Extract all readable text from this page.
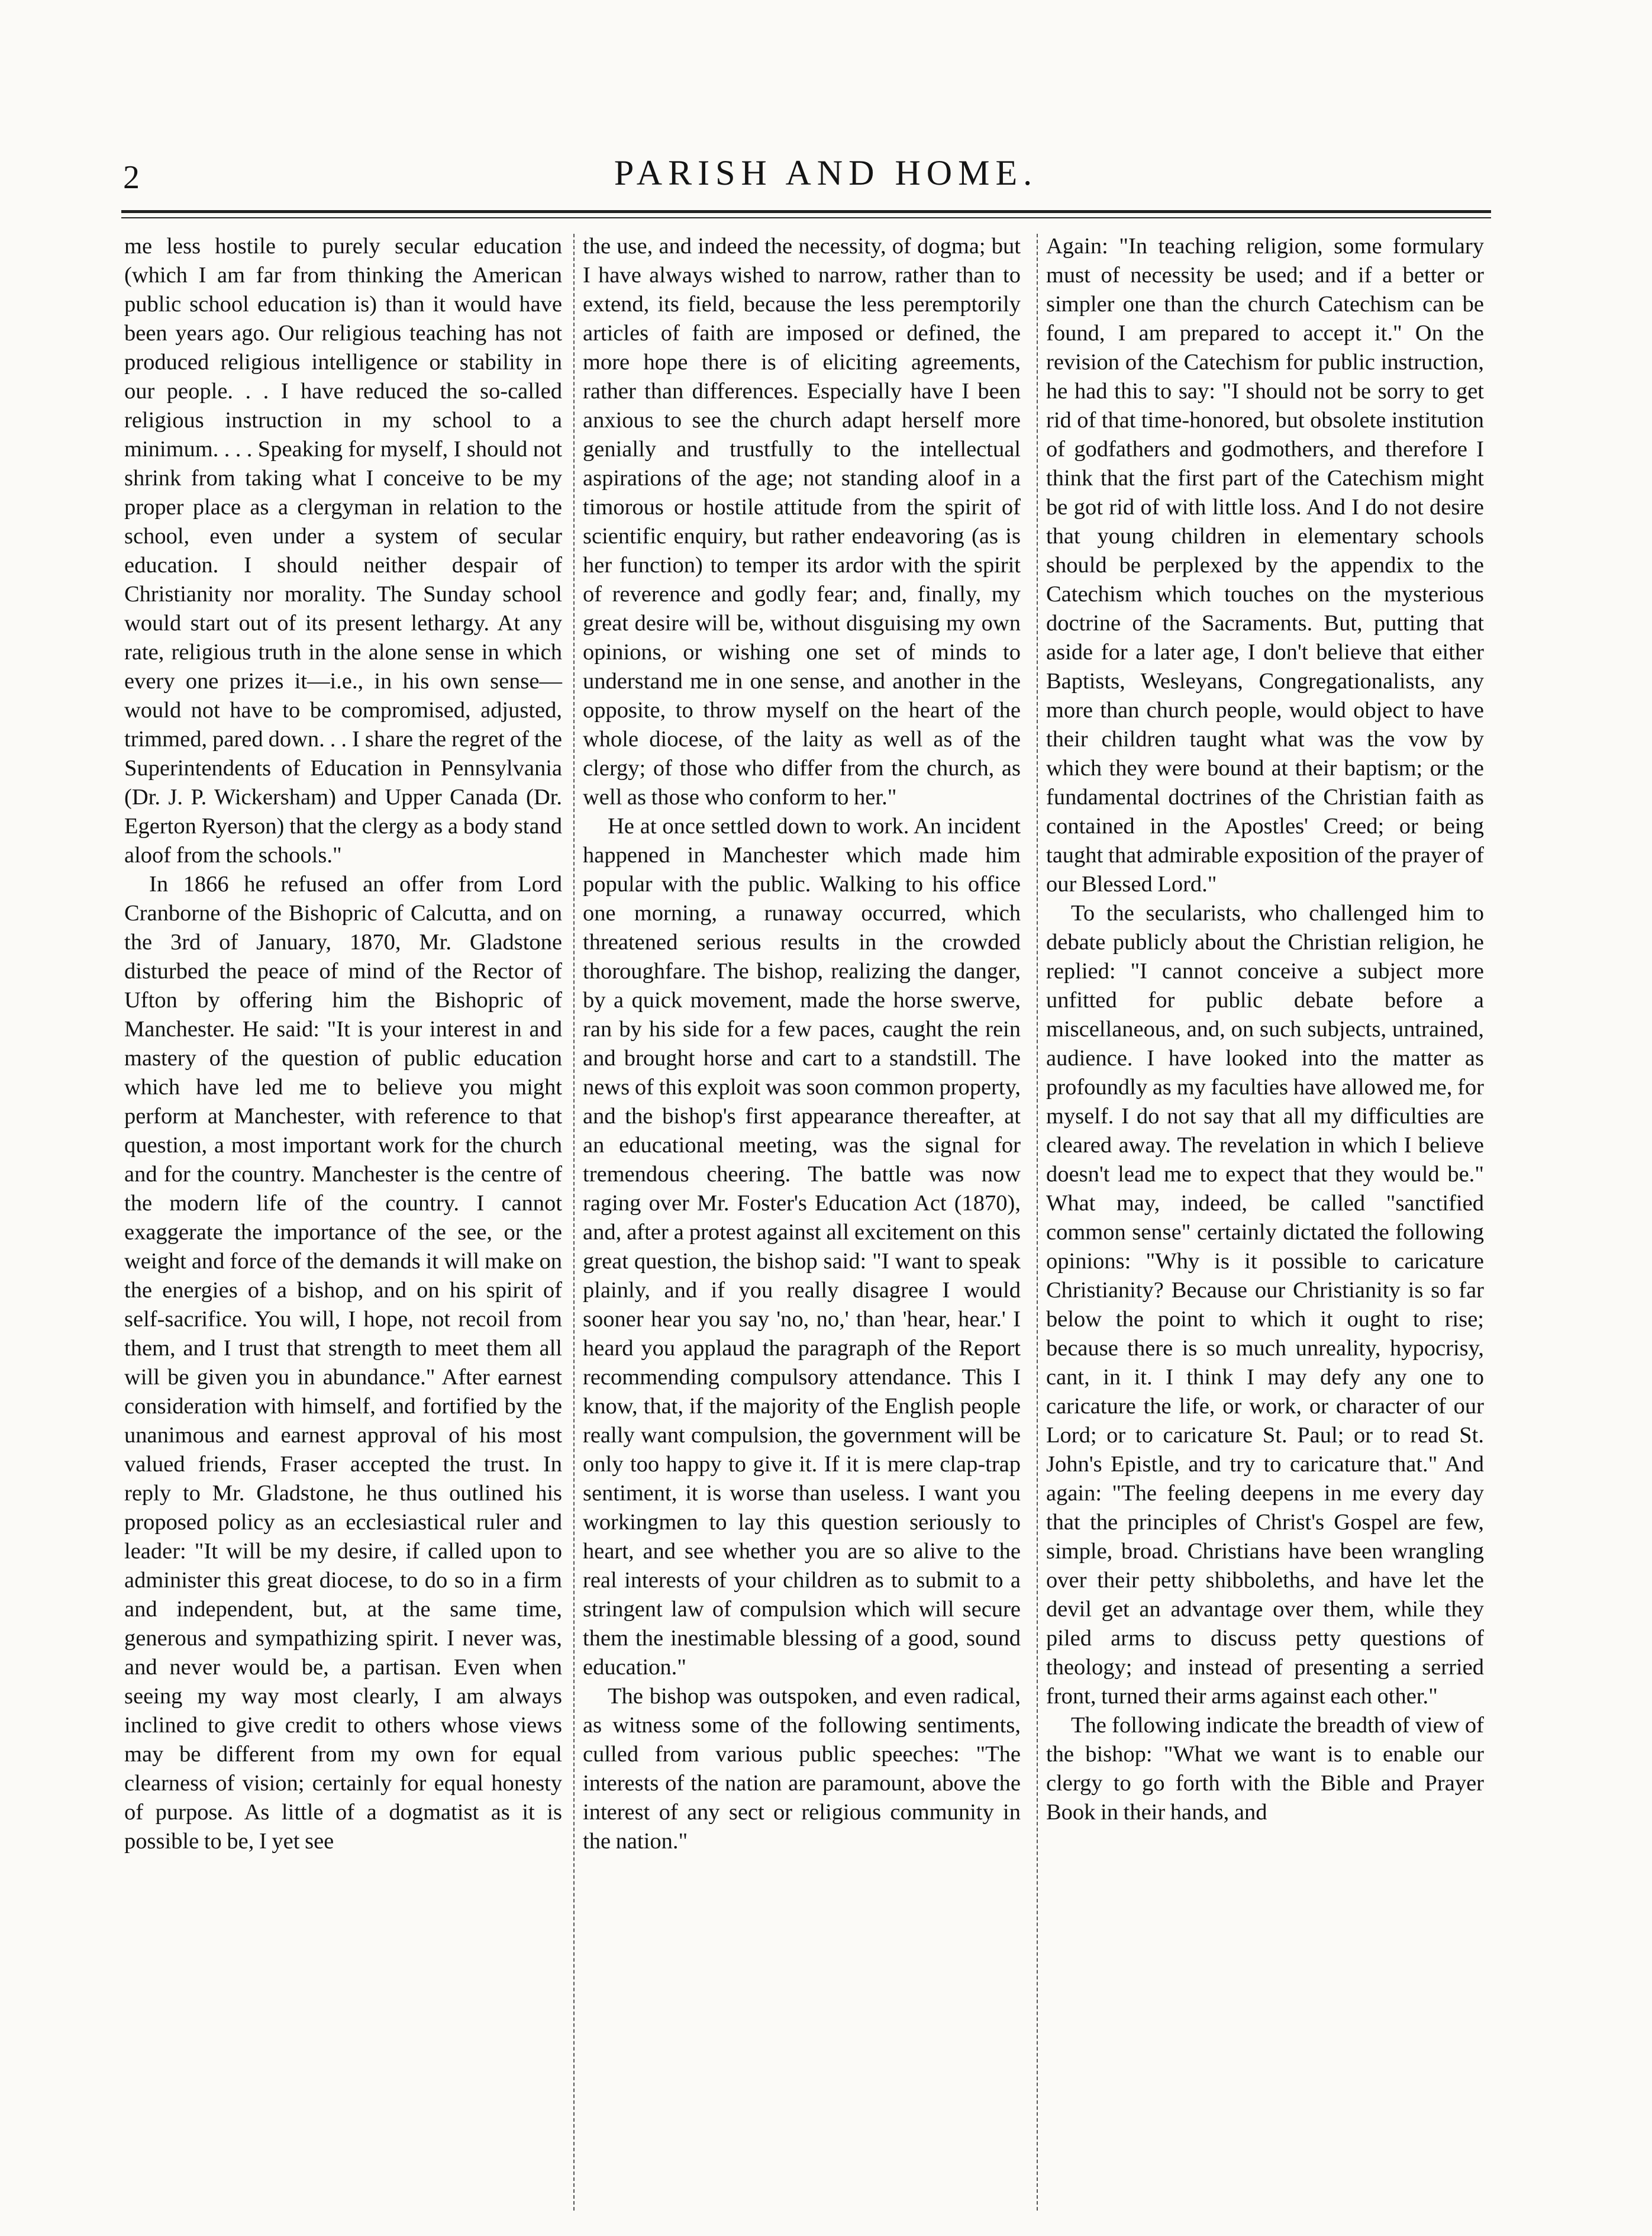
2	PARISH AND HOME.

me less hostile to purely secular education (which I am far from thinking the American public school education is) than it would have been years ago. Our religious teaching has not produced religious intelligence or stability in our people. . . I have reduced the so-called religious instruction in my school to a minimum. . . . Speaking for myself, I should not shrink from taking what I conceive to be my proper place as a clergyman in relation to the school, even under a system of secular education. I should neither despair of Christianity nor morality. The Sunday school would start out of its present lethargy. At any rate, religious truth in the alone sense in which every one prizes it—i.e., in his own sense—would not have to be compromised, adjusted, trimmed, pared down. . . I share the regret of the Superintendents of Education in Pennsylvania (Dr. J. P. Wickersham) and Upper Canada (Dr. Egerton Ryerson) that the clergy as a body stand aloof from the schools."

In 1866 he refused an offer from Lord Cranborne of the Bishopric of Calcutta, and on the 3rd of January, 1870, Mr. Gladstone disturbed the peace of mind of the Rector of Ufton by offering him the Bishopric of Manchester. He said: "It is your interest in and mastery of the question of public education which have led me to believe you might perform at Manchester, with reference to that question, a most important work for the church and for the country. Manchester is the centre of the modern life of the country. I cannot exaggerate the importance of the see, or the weight and force of the demands it will make on the energies of a bishop, and on his spirit of self-sacrifice. You will, I hope, not recoil from them, and I trust that strength to meet them all will be given you in abundance." After earnest consideration with himself, and fortified by the unanimous and earnest approval of his most valued friends, Fraser accepted the trust. In reply to Mr. Gladstone, he thus outlined his proposed policy as an ecclesiastical ruler and leader: "It will be my desire, if called upon to administer this great diocese, to do so in a firm and independent, but, at the same time, generous and sympathizing spirit. I never was, and never would be, a partisan. Even when seeing my way most clearly, I am always inclined to give credit to others whose views may be different from my own for equal clearness of vision; certainly for equal honesty of purpose. As little of a dogmatist as it is possible to be, I yet see

the use, and indeed the necessity, of dogma; but I have always wished to narrow, rather than to extend, its field, because the less peremptorily articles of faith are imposed or defined, the more hope there is of eliciting agreements, rather than differences. Especially have I been anxious to see the church adapt herself more genially and trustfully to the intellectual aspirations of the age; not standing aloof in a timorous or hostile attitude from the spirit of scientific enquiry, but rather endeavoring (as is her function) to temper its ardor with the spirit of reverence and godly fear; and, finally, my great desire will be, without disguising my own opinions, or wishing one set of minds to understand me in one sense, and another in the opposite, to throw myself on the heart of the whole diocese, of the laity as well as of the clergy; of those who differ from the church, as well as those who conform to her."

He at once settled down to work. An incident happened in Manchester which made him popular with the public. Walking to his office one morning, a runaway occurred, which threatened serious results in the crowded thoroughfare. The bishop, realizing the danger, by a quick movement, made the horse swerve, ran by his side for a few paces, caught the rein and brought horse and cart to a standstill. The news of this exploit was soon common property, and the bishop's first appearance thereafter, at an educational meeting, was the signal for tremendous cheering. The battle was now raging over Mr. Foster's Education Act (1870), and, after a protest against all excitement on this great question, the bishop said: "I want to speak plainly, and if you really disagree I would sooner hear you say 'no, no,' than 'hear, hear.' I heard you applaud the paragraph of the Report recommending compulsory attendance. This I know, that, if the majority of the English people really want compulsion, the government will be only too happy to give it. If it is mere clap-trap sentiment, it is worse than useless. I want you workingmen to lay this question seriously to heart, and see whether you are so alive to the real interests of your children as to submit to a stringent law of compulsion which will secure them the inestimable blessing of a good, sound education."

The bishop was outspoken, and even radical, as witness some of the following sentiments, culled from various public speeches: "The interests of the nation are paramount, above the interest of any sect or religious community in the nation."

Again: "In teaching religion, some formulary must of necessity be used; and if a better or simpler one than the church Catechism can be found, I am prepared to accept it." On the revision of the Catechism for public instruction, he had this to say: "I should not be sorry to get rid of that time-honored, but obsolete institution of godfathers and godmothers, and therefore I think that the first part of the Catechism might be got rid of with little loss. And I do not desire that young children in elementary schools should be perplexed by the appendix to the Catechism which touches on the mysterious doctrine of the Sacraments. But, putting that aside for a later age, I don't believe that either Baptists, Wesleyans, Congregationalists, any more than church people, would object to have their children taught what was the vow by which they were bound at their baptism; or the fundamental doctrines of the Christian faith as contained in the Apostles' Creed; or being taught that admirable exposition of the prayer of our Blessed Lord."

To the secularists, who challenged him to debate publicly about the Christian religion, he replied: "I cannot conceive a subject more unfitted for public debate before a miscellaneous, and, on such subjects, untrained, audience. I have looked into the matter as profoundly as my faculties have allowed me, for myself. I do not say that all my difficulties are cleared away. The revelation in which I believe doesn't lead me to expect that they would be." What may, indeed, be called "sanctified common sense" certainly dictated the following opinions: "Why is it possible to caricature Christianity? Because our Christianity is so far below the point to which it ought to rise; because there is so much unreality, hypocrisy, cant, in it. I think I may defy any one to caricature the life, or work, or character of our Lord; or to caricature St. Paul; or to read St. John's Epistle, and try to caricature that." And again: "The feeling deepens in me every day that the principles of Christ's Gospel are few, simple, broad. Christians have been wrangling over their petty shibboleths, and have let the devil get an advantage over them, while they piled arms to discuss petty questions of theology; and instead of presenting a serried front, turned their arms against each other."

The following indicate the breadth of view of the bishop: "What we want is to enable our clergy to go forth with the Bible and Prayer Book in their hands, and
